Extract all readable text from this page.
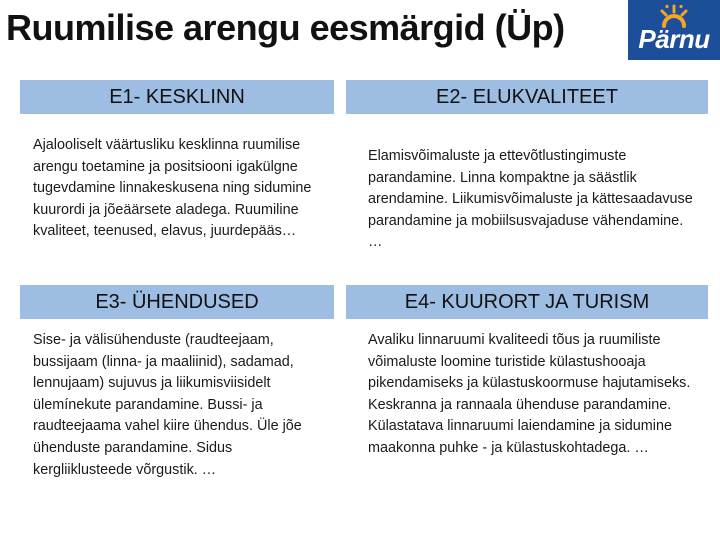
Ruumilise arengu eesmärgid (Üp)	Pärnu
E1- KESKLINN
Ajalooliselt väärtusliku kesklinna ruumilise arengu toetamine ja positsiooni igakülgne tugevdamine linnakeskusena ning sidumine kuurordi ja jõeäärsete aladega. Ruumiline kvaliteet, teenused, elavus, juurdepääs…
E2- ELUKVALITEET
Elamisvõimaluste ja ettevõtlustingimuste parandamine. Linna kompaktne ja säästlik arendamine. Liikumisvõimaluste ja kättesaadavuse parandamine ja mobiilsusvajaduse vähendamine. …
E3- ÜHENDUSED
Sise- ja välisühenduste (raudteejaam, bussijaam (linna- ja maaliinid), sadamad, lennujaam) sujuvus ja liikumisviisidelt ülemínekute parandamine. Bussi- ja raudteejaama vahel kiire ühendus. Üle jõe ühenduste parandamine. Sidus kergliiklusteede võrgustik. …
E4- KUURORT JA TURISM
Avaliku linnaruumi kvaliteedi tõus ja ruumiliste võimaluste loomine turistide külastushooaja pikendamiseks ja külastuskoormuse hajutamiseks. Keskranna ja rannaala ühenduse parandamine. Külastatava linnaruumi laiendamine ja sidumine maakonna puhke - ja külastuskohtadega. …
